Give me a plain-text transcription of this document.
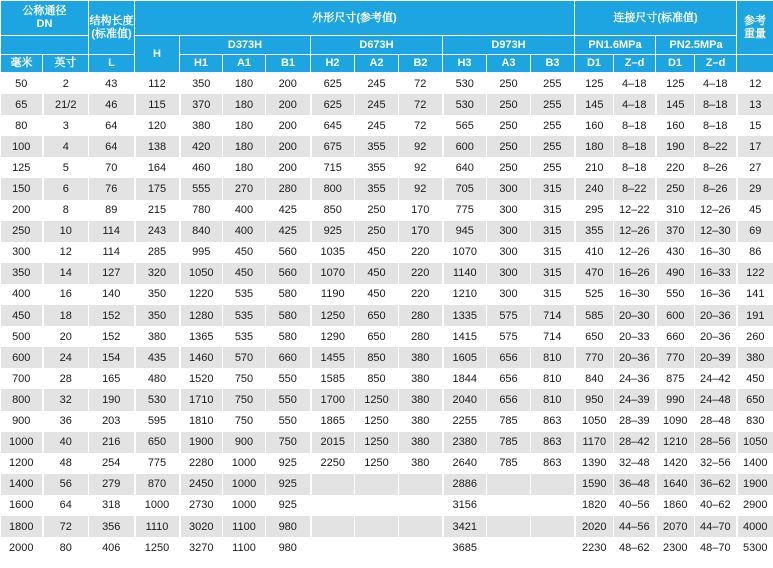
公称通径
DN		结构长度
(标准值)	外形尺寸(参考值)										连接尺寸(标准值)				参考
重量
			H	D373H			D673H			D973H			PN1.6MPa		PN2.5MPa		
毫米	英寸	L		H1	A1	B1	H2	A2	B2	H3	A3	B3	D1	Z–d	D1	Z–d	
50	2	43	112	350	180	200	625	245	72	530	250	255	125	4–18	125	4–18	12
65	21/2	46	115	370	180	200	625	245	72	530	250	255	145	4–18	145	8–18	13
80	3	64	120	380	180	200	645	245	72	565	250	255	160	8–18	160	8–18	15
100	4	64	138	420	180	200	675	355	92	600	250	255	180	8–18	190	8–22	17
125	5	70	164	460	180	200	715	355	92	640	250	255	210	8–18	220	8–26	27
150	6	76	175	555	270	280	800	355	92	705	300	315	240	8–22	250	8–26	29
200	8	89	215	780	400	425	850	250	170	775	300	315	295	12–22	310	12–26	45
250	10	114	243	840	400	425	925	250	170	945	300	315	355	12–26	370	12–30	69
300	12	114	285	995	450	560	1035	450	220	1070	300	315	410	12–26	430	16–30	86
350	14	127	320	1050	450	560	1070	450	220	1140	300	315	470	16–26	490	16–33	122
400	16	140	350	1220	535	580	1190	450	220	1210	300	315	525	16–30	550	16–36	141
450	18	152	350	1280	535	580	1250	650	280	1335	575	714	585	20–30	600	20–36	191
500	20	152	380	1365	535	580	1290	650	280	1415	575	714	650	20–33	660	20–36	260
600	24	154	435	1460	570	660	1455	850	380	1605	656	810	770	20–36	770	20–39	380
700	28	165	480	1520	750	550	1585	850	380	1844	656	810	840	24–36	875	24–42	450
800	32	190	530	1710	750	550	1700	1250	380	2040	656	810	950	24–39	990	24–48	650
900	36	203	595	1810	750	550	1865	1250	380	2255	785	863	1050	28–39	1090	28–48	830
1000	40	216	650	1900	900	750	2015	1250	380	2380	785	863	1170	28–42	1210	28–56	1050
1200	48	254	775	2280	1000	925	2250	1250	380	2640	785	863	1390	32–48	1420	32–56	1400
1400	56	279	870	2450	1000	925				2886			1590	36–48	1640	36–62	1900
1600	64	318	1000	2730	1000	925				3156			1820	40–56	1860	40–62	2900
1800	72	356	1110	3020	1100	980				3421			2020	44–56	2070	44–70	4000
2000	80	406	1250	3270	1100	980				3685			2230	48–62	2300	48–70	5300
